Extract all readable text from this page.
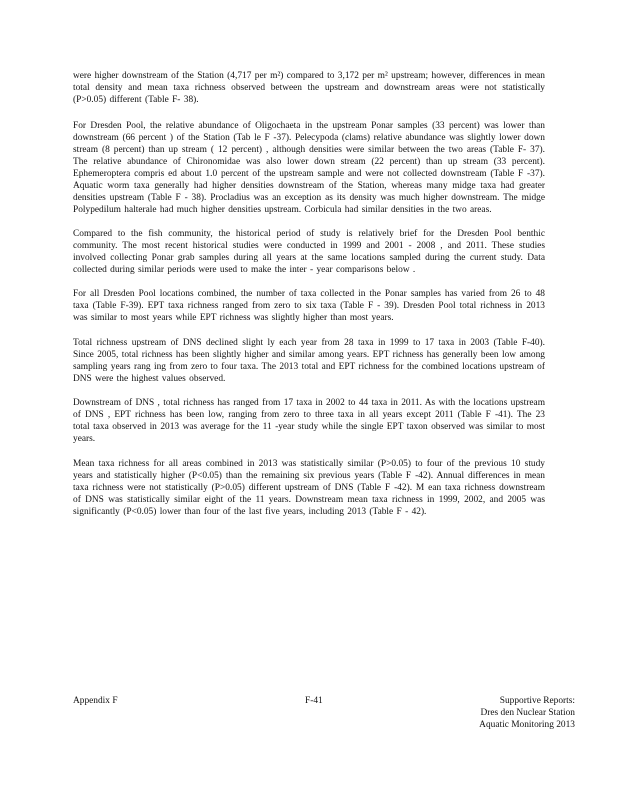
were higher downstream of the Station (4,717 per m²) compared to 3,172 per m² upstream; however, differences in mean total density and mean taxa richness observed between the upstream and downstream areas were not statistically (P>0.05) different (Table F- 38).

For Dresden Pool, the relative abundance of Oligochaeta in the upstream Ponar samples (33 percent) was lower than downstream (66 percent ) of the Station (Tab le F -37). Pelecypoda (clams) relative abundance was slightly lower down stream (8 percent) than up stream ( 12 percent) , although densities were similar between the two areas (Table F- 37). The relative abundance of Chironomidae was also lower down stream (22 percent) than up stream (33 percent). Ephemeroptera compris ed about 1.0 percent of the upstream sample and were not collected downstream (Table F -37). Aquatic worm taxa generally had higher densities downstream of the Station, whereas many midge taxa had greater densities upstream (Table F - 38). Procladius was an exception as its density was much higher downstream. The midge Polypedilum halterale had much higher densities upstream. Corbicula had similar densities in the two areas.

Compared to the fish community, the historical period of study is relatively brief for the Dresden Pool benthic community. The most recent historical studies were conducted in 1999 and 2001 - 2008 , and 2011. These studies involved collecting Ponar grab samples during all years at the same locations sampled during the current study. Data collected during similar periods were used to make the inter - year comparisons below .

For all Dresden Pool locations combined, the number of taxa collected in the Ponar samples has varied from 26 to 48 taxa (Table F-39). EPT taxa richness ranged from zero to six taxa (Table F - 39). Dresden Pool total richness in 2013 was similar to most years while EPT richness was slightly higher than most years.

Total richness upstream of DNS declined slight ly each year from 28 taxa in 1999 to 17 taxa in 2003 (Table F-40). Since 2005, total richness has been slightly higher and similar among years. EPT richness has generally been low among sampling years rang ing from zero to four taxa. The 2013 total and EPT richness for the combined locations upstream of DNS were the highest values observed.

Downstream of DNS , total richness has ranged from 17 taxa in 2002 to 44 taxa in 2011. As with the locations upstream of DNS , EPT richness has been low, ranging from zero to three taxa in all years except 2011 (Table F -41). The 23 total taxa observed in 2013 was average for the 11 -year study while the single EPT taxon observed was similar to most years.

Mean taxa richness for all areas combined in 2013 was statistically similar (P>0.05) to four of the previous 10 study years and statistically higher (P<0.05) than the remaining six previous years (Table F -42). Annual differences in mean taxa richness were not statistically (P>0.05) different upstream of DNS (Table F -42). M ean taxa richness downstream of DNS was statistically similar eight of the 11 years. Downstream mean taxa richness in 1999, 2002, and 2005 was significantly (P<0.05) lower than four of the last five years, including 2013 (Table F - 42).

Appendix F	F-41	Supportive Reports:
Dres den Nuclear Station
Aquatic Monitoring 2013
